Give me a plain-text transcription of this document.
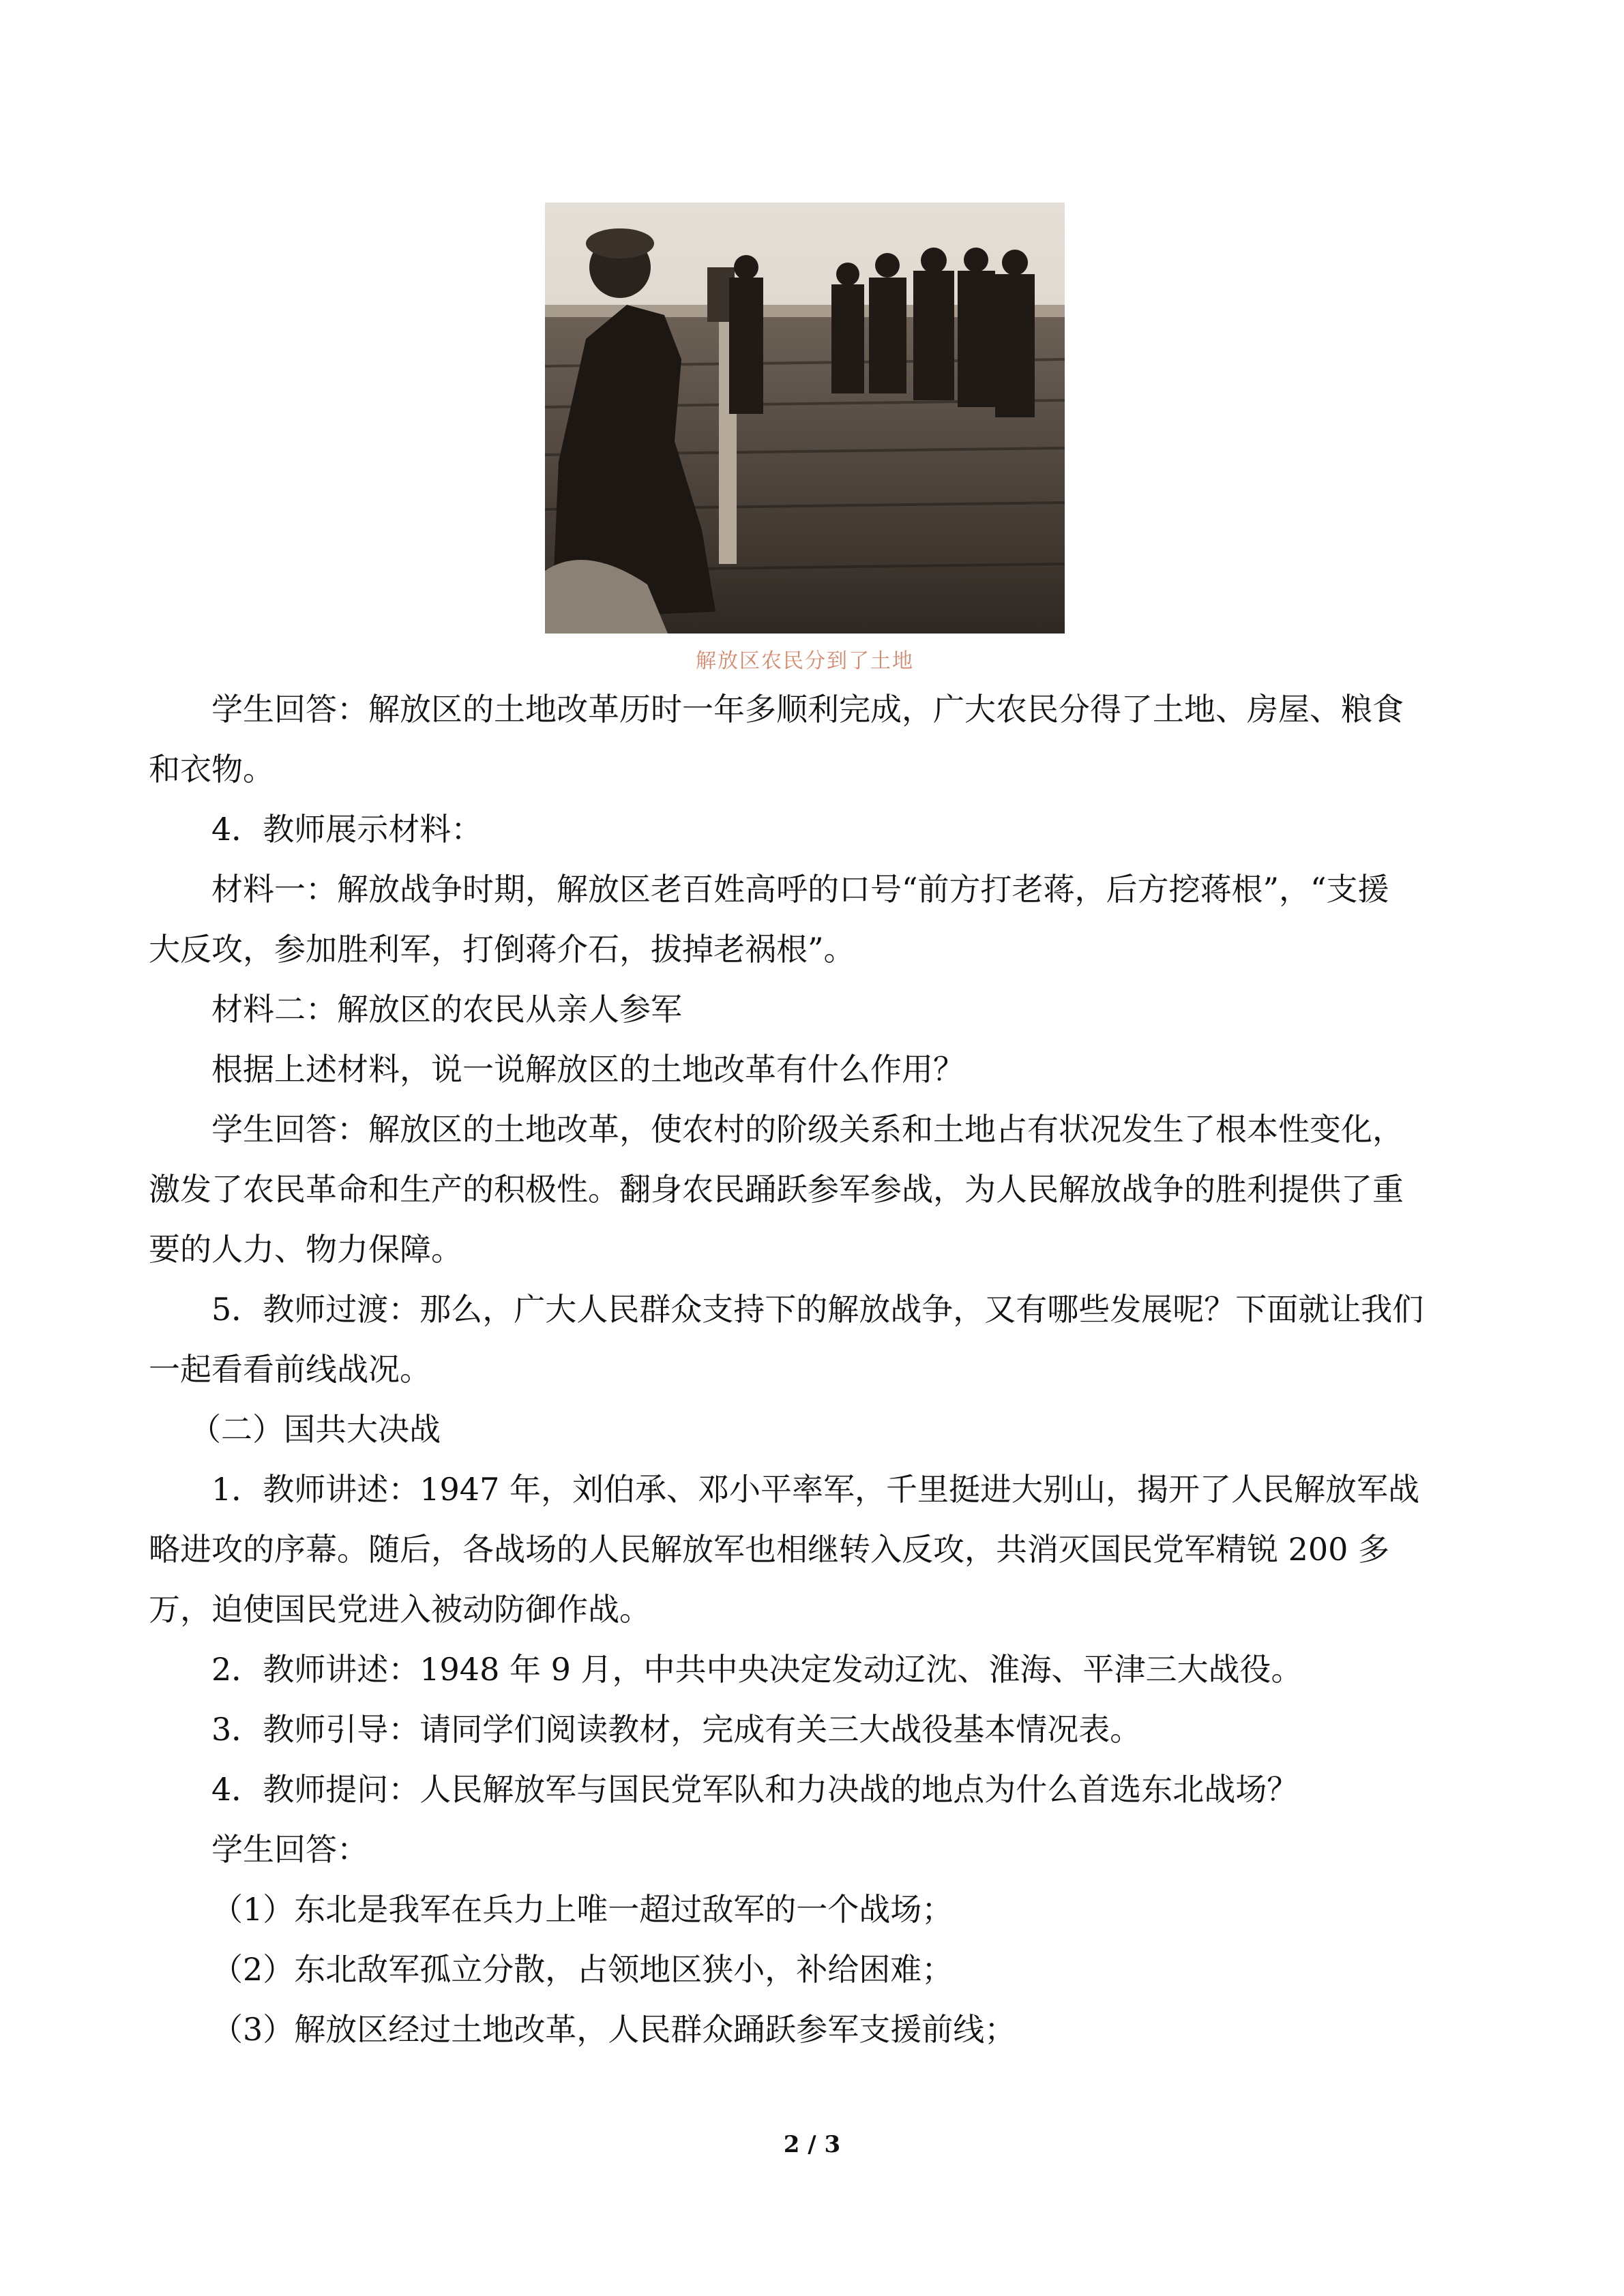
解放区农民分到了土地

学生回答：解放区的土地改革历时一年多顺利完成，广大农民分得了土地、房屋、粮食

和衣物。

4．教师展示材料：

材料一：解放战争时期，解放区老百姓高呼的口号“前方打老蒋，后方挖蒋根”，“支援

大反攻，参加胜利军，打倒蒋介石，拔掉老祸根”。

材料二：解放区的农民从亲人参军

根据上述材料，说一说解放区的土地改革有什么作用？

学生回答：解放区的土地改革，使农村的阶级关系和土地占有状况发生了根本性变化，

激发了农民革命和生产的积极性。翻身农民踊跃参军参战，为人民解放战争的胜利提供了重

要的人力、物力保障。

5．教师过渡：那么，广大人民群众支持下的解放战争，又有哪些发展呢？下面就让我们

一起看看前线战况。

（二）国共大决战

1．教师讲述：1947 年，刘伯承、邓小平率军，千里挺进大别山，揭开了人民解放军战

略进攻的序幕。随后，各战场的人民解放军也相继转入反攻，共消灭国民党军精锐 200 多

万，迫使国民党进入被动防御作战。

2．教师讲述：1948 年 9 月，中共中央决定发动辽沈、淮海、平津三大战役。

3．教师引导：请同学们阅读教材，完成有关三大战役基本情况表。

4．教师提问：人民解放军与国民党军队和力决战的地点为什么首选东北战场？

学生回答：

（1）东北是我军在兵力上唯一超过敌军的一个战场；

（2）东北敌军孤立分散，占领地区狭小，补给困难；

（3）解放区经过土地改革，人民群众踊跃参军支援前线；

2 / 3
